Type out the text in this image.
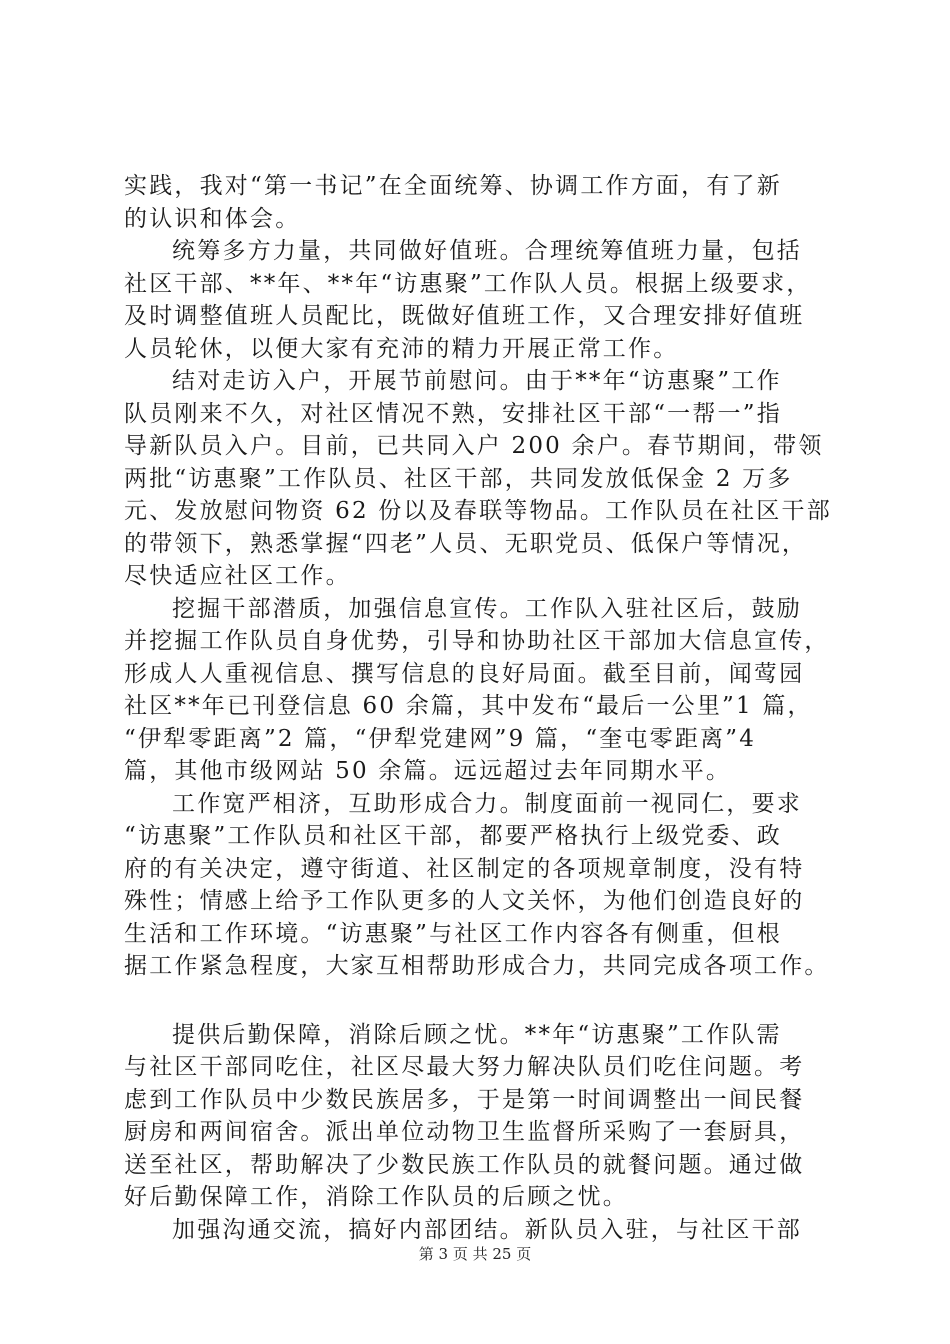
实践，我对“第一书记”在全面统筹、协调工作方面，有了新
的认识和体会。
统筹多方力量，共同做好值班。合理统筹值班力量，包括
社区干部、**年、**年“访惠聚”工作队人员。根据上级要求，
及时调整值班人员配比，既做好值班工作，又合理安排好值班
人员轮休，以便大家有充沛的精力开展正常工作。
结对走访入户，开展节前慰问。由于**年“访惠聚”工作
队员刚来不久，对社区情况不熟，安排社区干部“一帮一”指
导新队员入户。目前，已共同入户 200 余户。春节期间，带领
两批“访惠聚”工作队员、社区干部，共同发放低保金 2 万多
元、发放慰问物资 62 份以及春联等物品。工作队员在社区干部
的带领下，熟悉掌握“四老”人员、无职党员、低保户等情况，
尽快适应社区工作。
挖掘干部潜质，加强信息宣传。工作队入驻社区后，鼓励
并挖掘工作队员自身优势，引导和协助社区干部加大信息宣传，
形成人人重视信息、撰写信息的良好局面。截至目前，闻莺园
社区**年已刊登信息 60 余篇，其中发布“最后一公里”1 篇，
“伊犁零距离”2 篇，“伊犁党建网”9 篇，“奎屯零距离”4
篇，其他市级网站 50 余篇。远远超过去年同期水平。
工作宽严相济，互助形成合力。制度面前一视同仁，要求
“访惠聚”工作队员和社区干部，都要严格执行上级党委、政
府的有关决定，遵守街道、社区制定的各项规章制度，没有特
殊性；情感上给予工作队更多的人文关怀，为他们创造良好的
生活和工作环境。“访惠聚”与社区工作内容各有侧重，但根
据工作紧急程度，大家互相帮助形成合力，共同完成各项工作。
提供后勤保障，消除后顾之忧。**年“访惠聚”工作队需
与社区干部同吃住，社区尽最大努力解决队员们吃住问题。考
虑到工作队员中少数民族居多，于是第一时间调整出一间民餐
厨房和两间宿舍。派出单位动物卫生监督所采购了一套厨具，
送至社区，帮助解决了少数民族工作队员的就餐问题。通过做
好后勤保障工作，消除工作队员的后顾之忧。
加强沟通交流，搞好内部团结。新队员入驻，与社区干部
第 3 页 共 25 页
